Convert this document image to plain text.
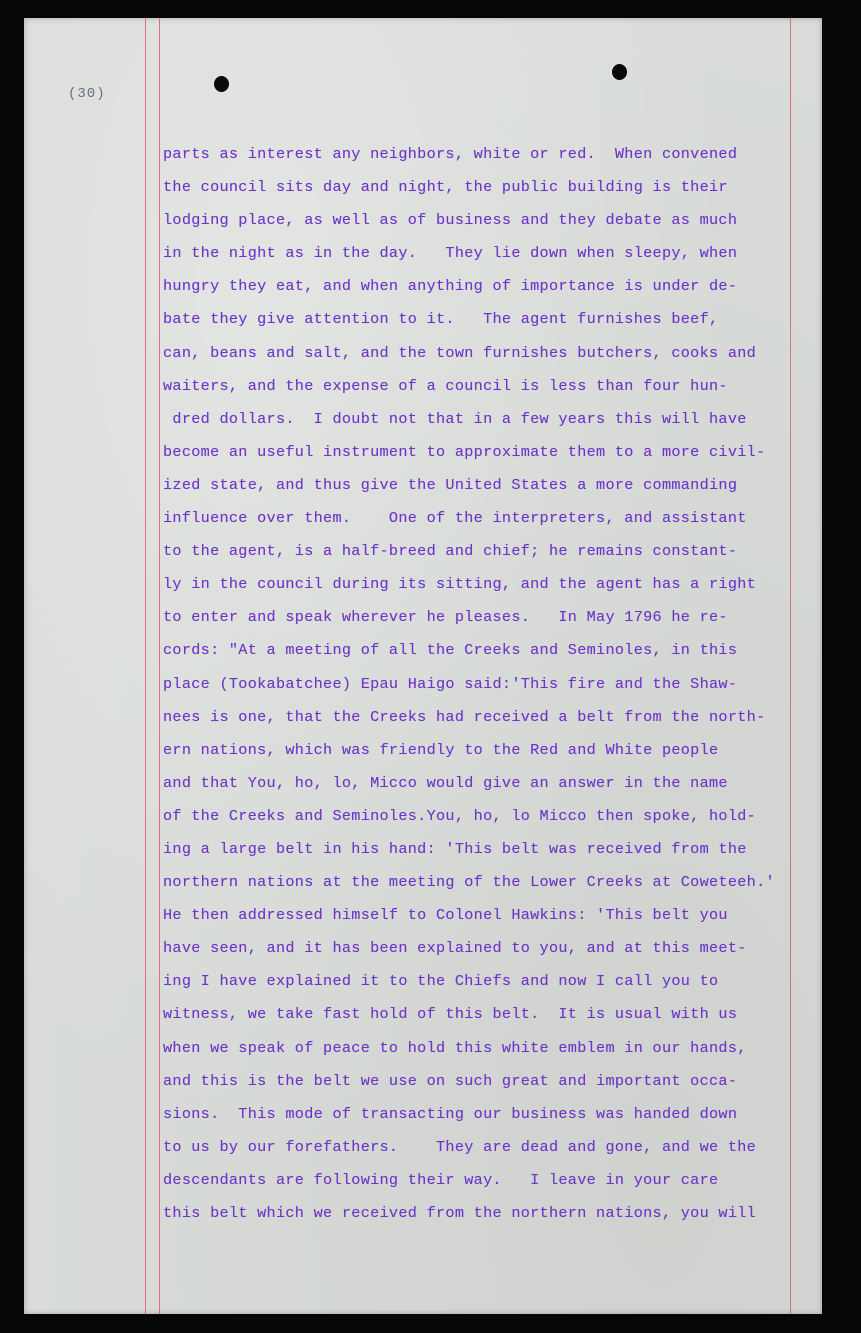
(30)
parts as interest any neighbors, white or red.  When convened
the council sits day and night, the public building is their
lodging place, as well as of business and they debate as much
in the night as in the day.   They lie down when sleepy, when
hungry they eat, and when anything of importance is under de-
bate they give attention to it.   The agent furnishes beef,
can, beans and salt, and the town furnishes butchers, cooks and
waiters, and the expense of a council is less than four hun-
dred dollars.  I doubt not that in a few years this will have
become an useful instrument to approximate them to a more civil-
ized state, and thus give the United States a more commanding
influence over them.    One of the interpreters, and assistant
to the agent, is a half-breed and chief; he remains constant-
ly in the council during its sitting, and the agent has a right
to enter and speak wherever he pleases.   In May 1796 he re-
cords: "At a meeting of all the Creeks and Seminoles, in this
place (Tookabatchee) Epau Haigo said:'This fire and the Shaw-
nees is one, that the Creeks had received a belt from the north-
ern nations, which was friendly to the Red and White people
and that You, ho, lo, Micco would give an answer in the name
of the Creeks and Seminoles.You, ho, lo Micco then spoke, hold-
ing a large belt in his hand: 'This belt was received from the
northern nations at the meeting of the Lower Creeks at Coweteeh.'
He then addressed himself to Colonel Hawkins: 'This belt you
have seen, and it has been explained to you, and at this meet-
ing I have explained it to the Chiefs and now I call you to
witness, we take fast hold of this belt.  It is usual with us
when we speak of peace to hold this white emblem in our hands,
and this is the belt we use on such great and important occa-
sions.  This mode of transacting our business was handed down
to us by our forefathers.    They are dead and gone, and we the
descendants are following their way.   I leave in your care
this belt which we received from the northern nations, you will
